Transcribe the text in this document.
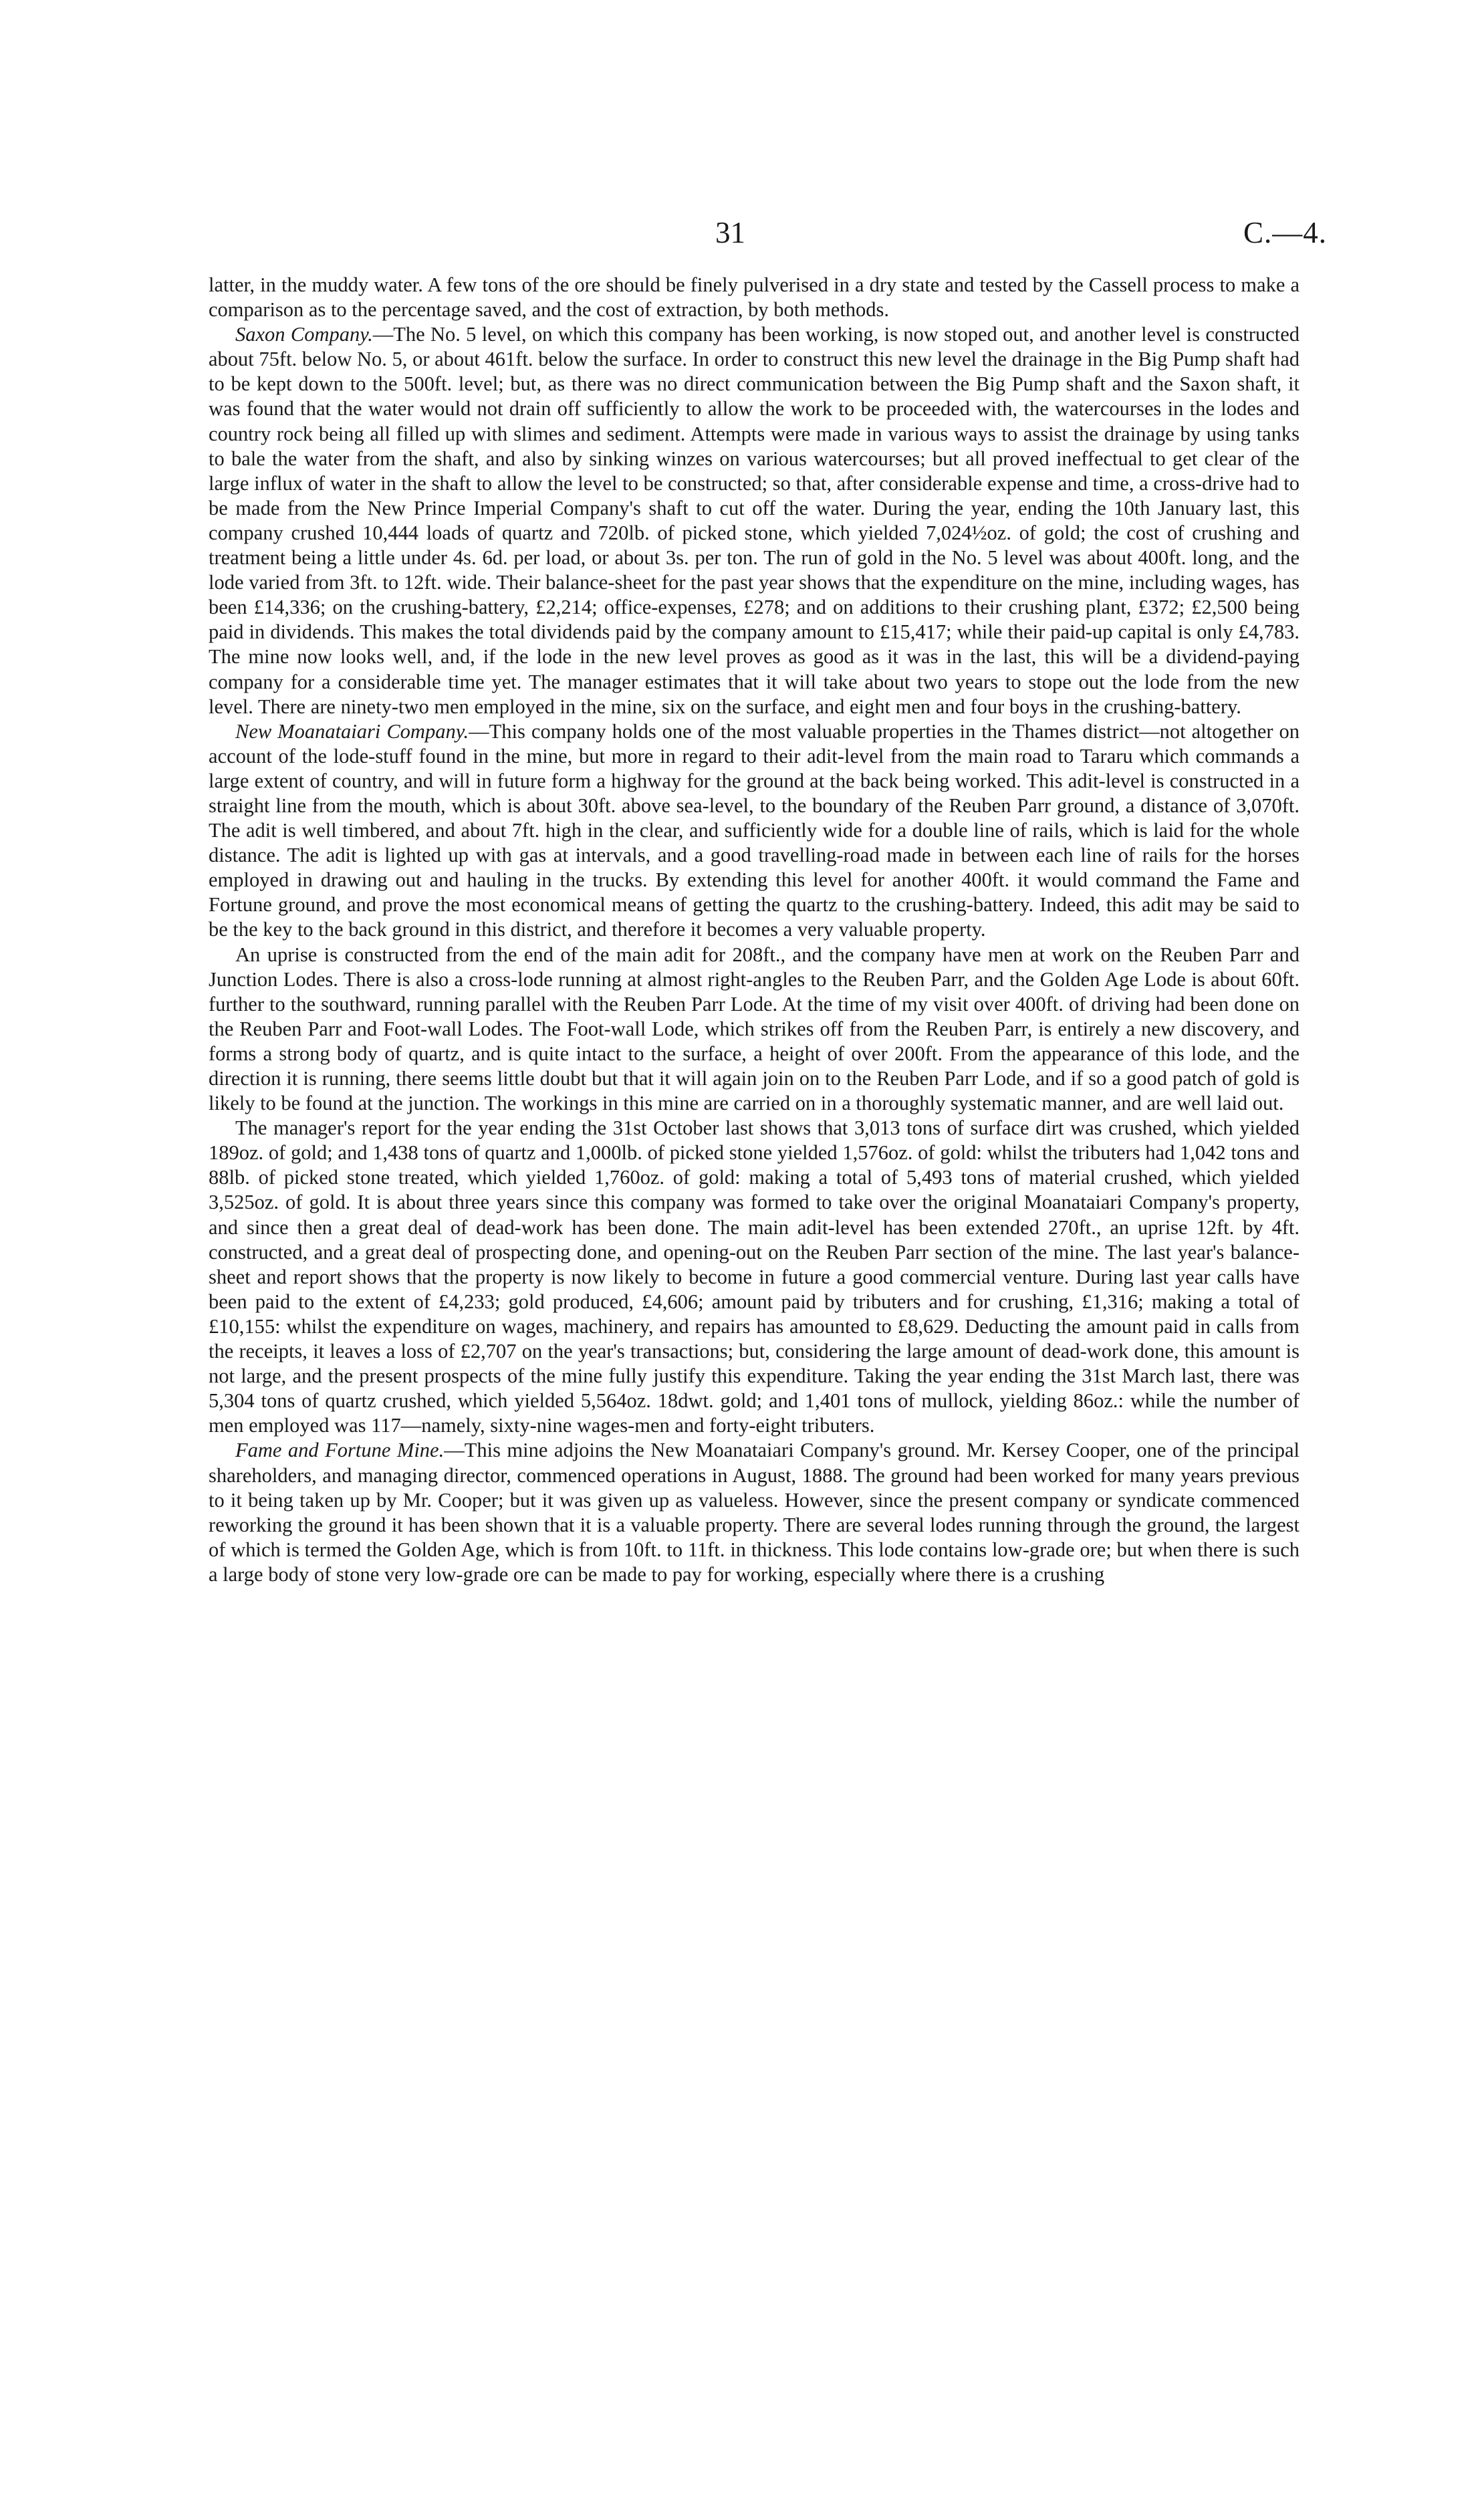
31	C.—4.

latter, in the muddy water. A few tons of the ore should be finely pulverised in a dry state and tested by the Cassell process to make a comparison as to the percentage saved, and the cost of extraction, by both methods.

Saxon Company.—The No. 5 level, on which this company has been working, is now stoped out, and another level is constructed about 75ft. below No. 5, or about 461ft. below the surface. In order to construct this new level the drainage in the Big Pump shaft had to be kept down to the 500ft. level; but, as there was no direct communication between the Big Pump shaft and the Saxon shaft, it was found that the water would not drain off sufficiently to allow the work to be proceeded with, the watercourses in the lodes and country rock being all filled up with slimes and sediment. Attempts were made in various ways to assist the drainage by using tanks to bale the water from the shaft, and also by sinking winzes on various watercourses; but all proved ineffectual to get clear of the large influx of water in the shaft to allow the level to be constructed; so that, after considerable expense and time, a cross-drive had to be made from the New Prince Imperial Company's shaft to cut off the water. During the year, ending the 10th January last, this company crushed 10,444 loads of quartz and 720lb. of picked stone, which yielded 7,024½oz. of gold; the cost of crushing and treatment being a little under 4s. 6d. per load, or about 3s. per ton. The run of gold in the No. 5 level was about 400ft. long, and the lode varied from 3ft. to 12ft. wide. Their balance-sheet for the past year shows that the expenditure on the mine, including wages, has been £14,336; on the crushing-battery, £2,214; office-expenses, £278; and on additions to their crushing plant, £372; £2,500 being paid in dividends. This makes the total dividends paid by the company amount to £15,417; while their paid-up capital is only £4,783. The mine now looks well, and, if the lode in the new level proves as good as it was in the last, this will be a dividend-paying company for a considerable time yet. The manager estimates that it will take about two years to stope out the lode from the new level. There are ninety-two men employed in the mine, six on the surface, and eight men and four boys in the crushing-battery.

New Moanataiari Company.—This company holds one of the most valuable properties in the Thames district—not altogether on account of the lode-stuff found in the mine, but more in regard to their adit-level from the main road to Tararu which commands a large extent of country, and will in future form a highway for the ground at the back being worked. This adit-level is constructed in a straight line from the mouth, which is about 30ft. above sea-level, to the boundary of the Reuben Parr ground, a distance of 3,070ft. The adit is well timbered, and about 7ft. high in the clear, and sufficiently wide for a double line of rails, which is laid for the whole distance. The adit is lighted up with gas at intervals, and a good travelling-road made in between each line of rails for the horses employed in drawing out and hauling in the trucks. By extending this level for another 400ft. it would command the Fame and Fortune ground, and prove the most economical means of getting the quartz to the crushing-battery. Indeed, this adit may be said to be the key to the back ground in this district, and therefore it becomes a very valuable property.

An uprise is constructed from the end of the main adit for 208ft., and the company have men at work on the Reuben Parr and Junction Lodes. There is also a cross-lode running at almost right-angles to the Reuben Parr, and the Golden Age Lode is about 60ft. further to the southward, running parallel with the Reuben Parr Lode. At the time of my visit over 400ft. of driving had been done on the Reuben Parr and Foot-wall Lodes. The Foot-wall Lode, which strikes off from the Reuben Parr, is entirely a new discovery, and forms a strong body of quartz, and is quite intact to the surface, a height of over 200ft. From the appearance of this lode, and the direction it is running, there seems little doubt but that it will again join on to the Reuben Parr Lode, and if so a good patch of gold is likely to be found at the junction. The workings in this mine are carried on in a thoroughly systematic manner, and are well laid out.

The manager's report for the year ending the 31st October last shows that 3,013 tons of surface dirt was crushed, which yielded 189oz. of gold; and 1,438 tons of quartz and 1,000lb. of picked stone yielded 1,576oz. of gold: whilst the tributers had 1,042 tons and 88lb. of picked stone treated, which yielded 1,760oz. of gold: making a total of 5,493 tons of material crushed, which yielded 3,525oz. of gold. It is about three years since this company was formed to take over the original Moanataiari Company's property, and since then a great deal of dead-work has been done. The main adit-level has been extended 270ft., an uprise 12ft. by 4ft. constructed, and a great deal of prospecting done, and opening-out on the Reuben Parr section of the mine. The last year's balance-sheet and report shows that the property is now likely to become in future a good commercial venture. During last year calls have been paid to the extent of £4,233; gold produced, £4,606; amount paid by tributers and for crushing, £1,316; making a total of £10,155: whilst the expenditure on wages, machinery, and repairs has amounted to £8,629. Deducting the amount paid in calls from the receipts, it leaves a loss of £2,707 on the year's transactions; but, considering the large amount of dead-work done, this amount is not large, and the present prospects of the mine fully justify this expenditure. Taking the year ending the 31st March last, there was 5,304 tons of quartz crushed, which yielded 5,564oz. 18dwt. gold; and 1,401 tons of mullock, yielding 86oz.: while the number of men employed was 117—namely, sixty-nine wages-men and forty-eight tributers.

Fame and Fortune Mine.—This mine adjoins the New Moanataiari Company's ground. Mr. Kersey Cooper, one of the principal shareholders, and managing director, commenced operations in August, 1888. The ground had been worked for many years previous to it being taken up by Mr. Cooper; but it was given up as valueless. However, since the present company or syndicate commenced reworking the ground it has been shown that it is a valuable property. There are several lodes running through the ground, the largest of which is termed the Golden Age, which is from 10ft. to 11ft. in thickness. This lode contains low-grade ore; but when there is such a large body of stone very low-grade ore can be made to pay for working, especially where there is a crushing
